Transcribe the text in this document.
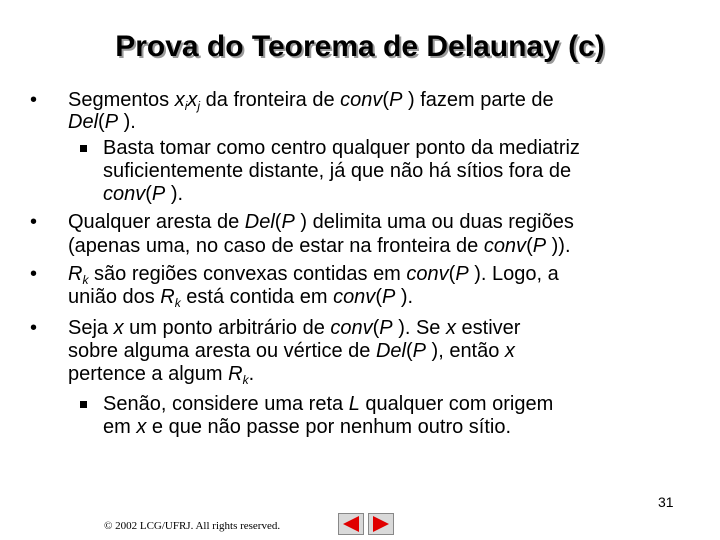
Prova do Teorema de Delaunay (c)
• Segmentos $x_ix_j$ da fronteira de conv(P ) fazem parte de
Del(P ).
Basta tomar como centro qualquer ponto da mediatriz
suficientemente distante, já que não há sítios fora de
conv(P ).
• Qualquer aresta de Del(P ) delimita uma ou duas regiões
(apenas uma, no caso de estar na fronteira de conv(P )).
• $R_k$ são regiões convexas contidas em conv(P ). Logo, a
união dos $R_k$ está contida em conv(P ).
• Seja x um ponto arbitrário de conv(P ). Se x estiver
sobre alguma aresta ou vértice de Del(P ), então x
pertence a algum $R_k$.
Senão, considere uma reta L qualquer com origem
em x e que não passe por nenhum outro sítio.
31
© 2002 LCG/UFRJ. All rights reserved.
